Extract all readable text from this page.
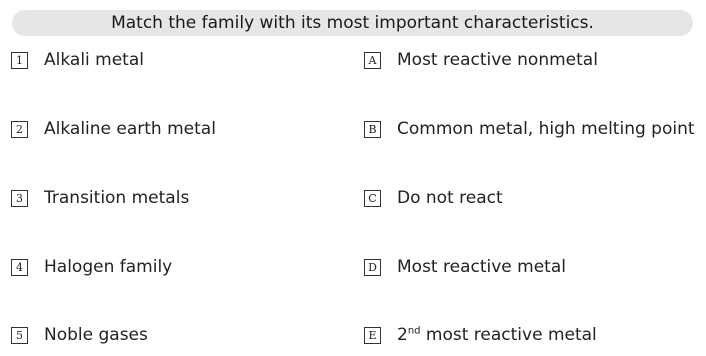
Match the family with its most important characteristics.
1 Alkali metal
2 Alkaline earth metal
3 Transition metals
4 Halogen family
5 Noble gases
A Most reactive nonmetal
B Common metal, high melting point
C Do not react
D Most reactive metal
E 2nd most reactive metal
